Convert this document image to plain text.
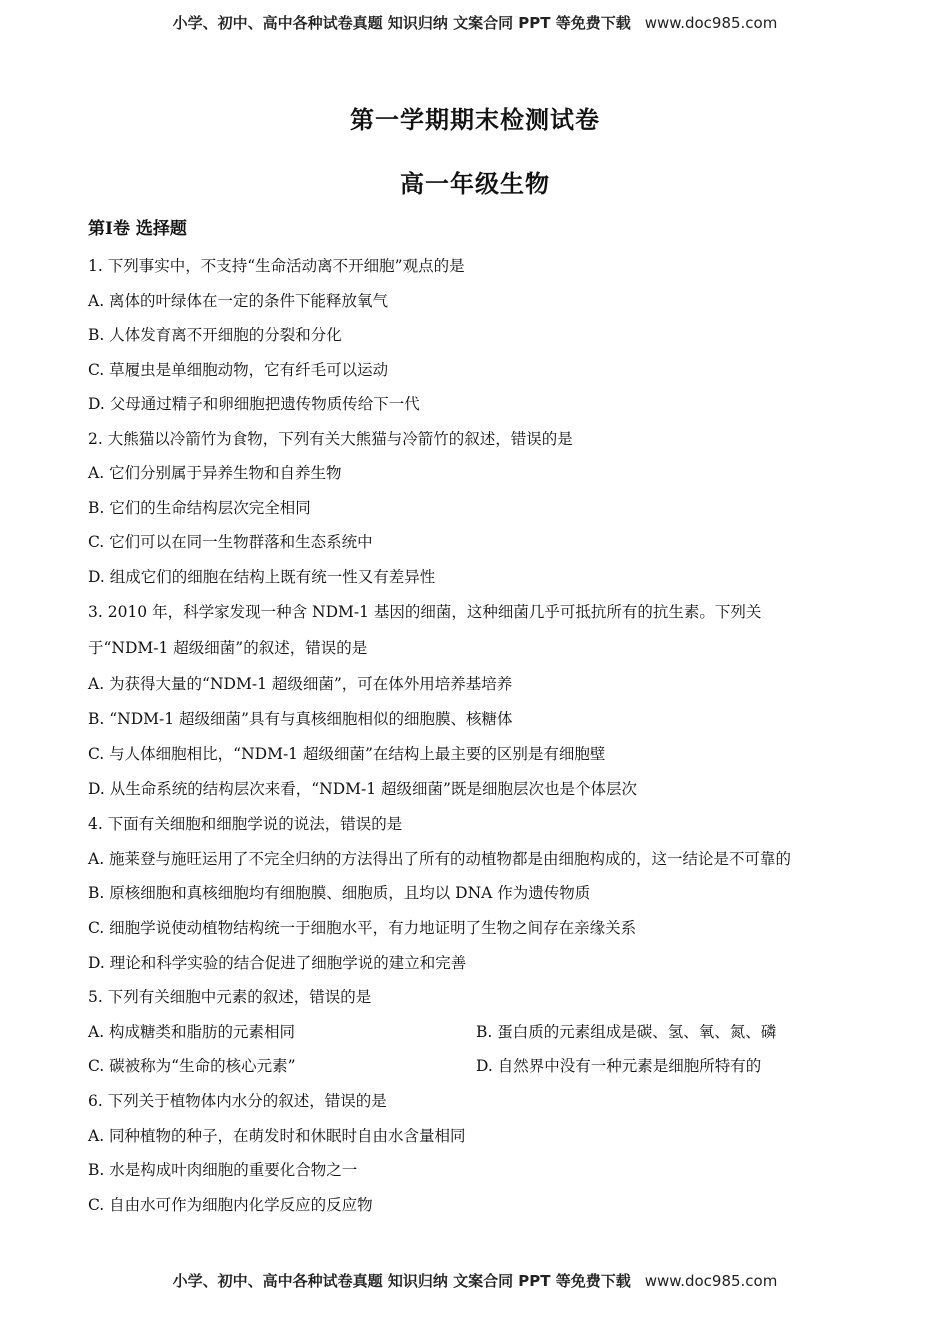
小学、初中、高中各种试卷真题 知识归纳 文案合同 PPT 等免费下载 www.doc985.com
第一学期期末检测试卷
高一年级生物
第Ⅰ卷 选择题
1. 下列事实中，不支持“生命活动离不开细胞”观点的是
A. 离体的叶绿体在一定的条件下能释放氧气
B. 人体发育离不开细胞的分裂和分化
C. 草履虫是单细胞动物，它有纤毛可以运动
D. 父母通过精子和卵细胞把遗传物质传给下一代
2. 大熊猫以冷箭竹为食物，下列有关大熊猫与冷箭竹的叙述，错误的是
A. 它们分别属于异养生物和自养生物
B. 它们的生命结构层次完全相同
C. 它们可以在同一生物群落和生态系统中
D. 组成它们的细胞在结构上既有统一性又有差异性
3. 2010 年，科学家发现一种含 NDM-1 基因的细菌，这种细菌几乎可抵抗所有的抗生素。下列关
于“NDM-1 超级细菌”的叙述，错误的是
A. 为获得大量的“NDM-1 超级细菌”，可在体外用培养基培养
B. “NDM-1 超级细菌”具有与真核细胞相似的细胞膜、核糖体
C. 与人体细胞相比，“NDM-1 超级细菌”在结构上最主要的区别是有细胞壁
D. 从生命系统的结构层次来看，“NDM-1 超级细菌”既是细胞层次也是个体层次
4. 下面有关细胞和细胞学说的说法，错误的是
A. 施莱登与施旺运用了不完全归纳的方法得出了所有的动植物都是由细胞构成的，这一结论是不可靠的
B. 原核细胞和真核细胞均有细胞膜、细胞质，且均以 DNA 作为遗传物质
C. 细胞学说使动植物结构统一于细胞水平，有力地证明了生物之间存在亲缘关系
D. 理论和科学实验的结合促进了细胞学说的建立和完善
5. 下列有关细胞中元素的叙述，错误的是
A. 构成糖类和脂肪的元素相同	B. 蛋白质的元素组成是碳、氢、氧、氮、磷
C. 碳被称为“生命的核心元素”	D. 自然界中没有一种元素是细胞所特有的
6. 下列关于植物体内水分的叙述，错误的是
A. 同种植物的种子，在萌发时和休眠时自由水含量相同
B. 水是构成叶肉细胞的重要化合物之一
C. 自由水可作为细胞内化学反应的反应物
小学、初中、高中各种试卷真题 知识归纳 文案合同 PPT 等免费下载 www.doc985.com
